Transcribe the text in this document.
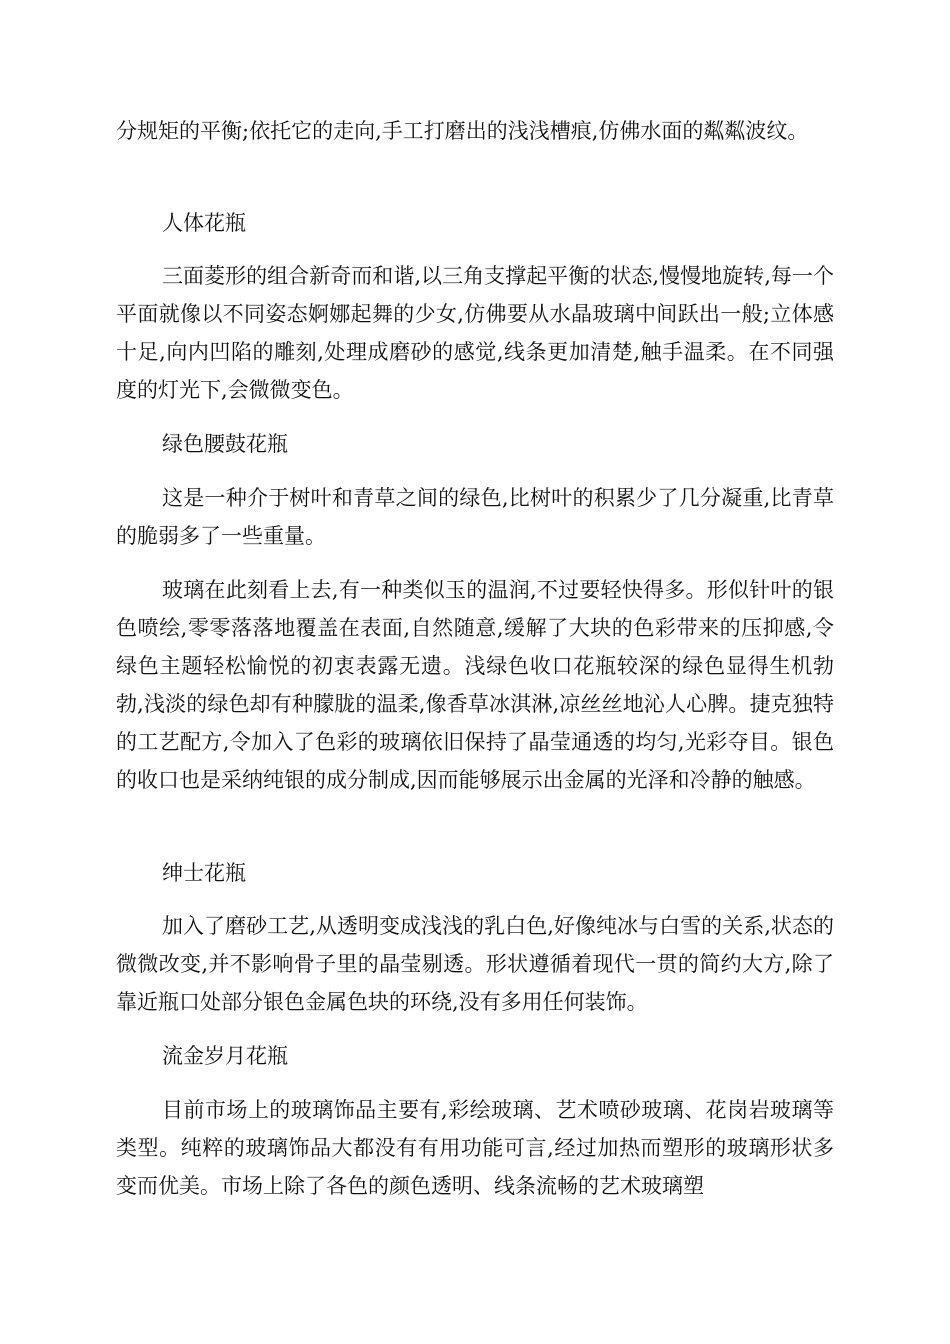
分规矩的平衡;依托它的走向,手工打磨出的浅浅槽痕,仿佛水面的粼粼波纹。

人体花瓶

三面菱形的组合新奇而和谐,以三角支撑起平衡的状态,慢慢地旋转,每一个平面就像以不同姿态婀娜起舞的少女,仿佛要从水晶玻璃中间跃出一般;立体感十足,向内凹陷的雕刻,处理成磨砂的感觉,线条更加清楚,触手温柔。在不同强度的灯光下,会微微变色。

绿色腰鼓花瓶

这是一种介于树叶和青草之间的绿色,比树叶的积累少了几分凝重,比青草的脆弱多了一些重量。

玻璃在此刻看上去,有一种类似玉的温润,不过要轻快得多。形似针叶的银色喷绘,零零落落地覆盖在表面,自然随意,缓解了大块的色彩带来的压抑感,令绿色主题轻松愉悦的初衷表露无遗。浅绿色收口花瓶较深的绿色显得生机勃勃,浅淡的绿色却有种朦胧的温柔,像香草冰淇淋,凉丝丝地沁人心脾。捷克独特的工艺配方,令加入了色彩的玻璃依旧保持了晶莹通透的均匀,光彩夺目。银色的收口也是采纳纯银的成分制成,因而能够展示出金属的光泽和冷静的触感。

绅士花瓶

加入了磨砂工艺,从透明变成浅浅的乳白色,好像纯冰与白雪的关系,状态的微微改变,并不影响骨子里的晶莹剔透。形状遵循着现代一贯的简约大方,除了靠近瓶口处部分银色金属色块的环绕,没有多用任何装饰。

流金岁月花瓶

目前市场上的玻璃饰品主要有,彩绘玻璃、艺术喷砂玻璃、花岗岩玻璃等类型。纯粹的玻璃饰品大都没有有用功能可言,经过加热而塑形的玻璃形状多变而优美。市场上除了各色的颜色透明、线条流畅的艺术玻璃塑
